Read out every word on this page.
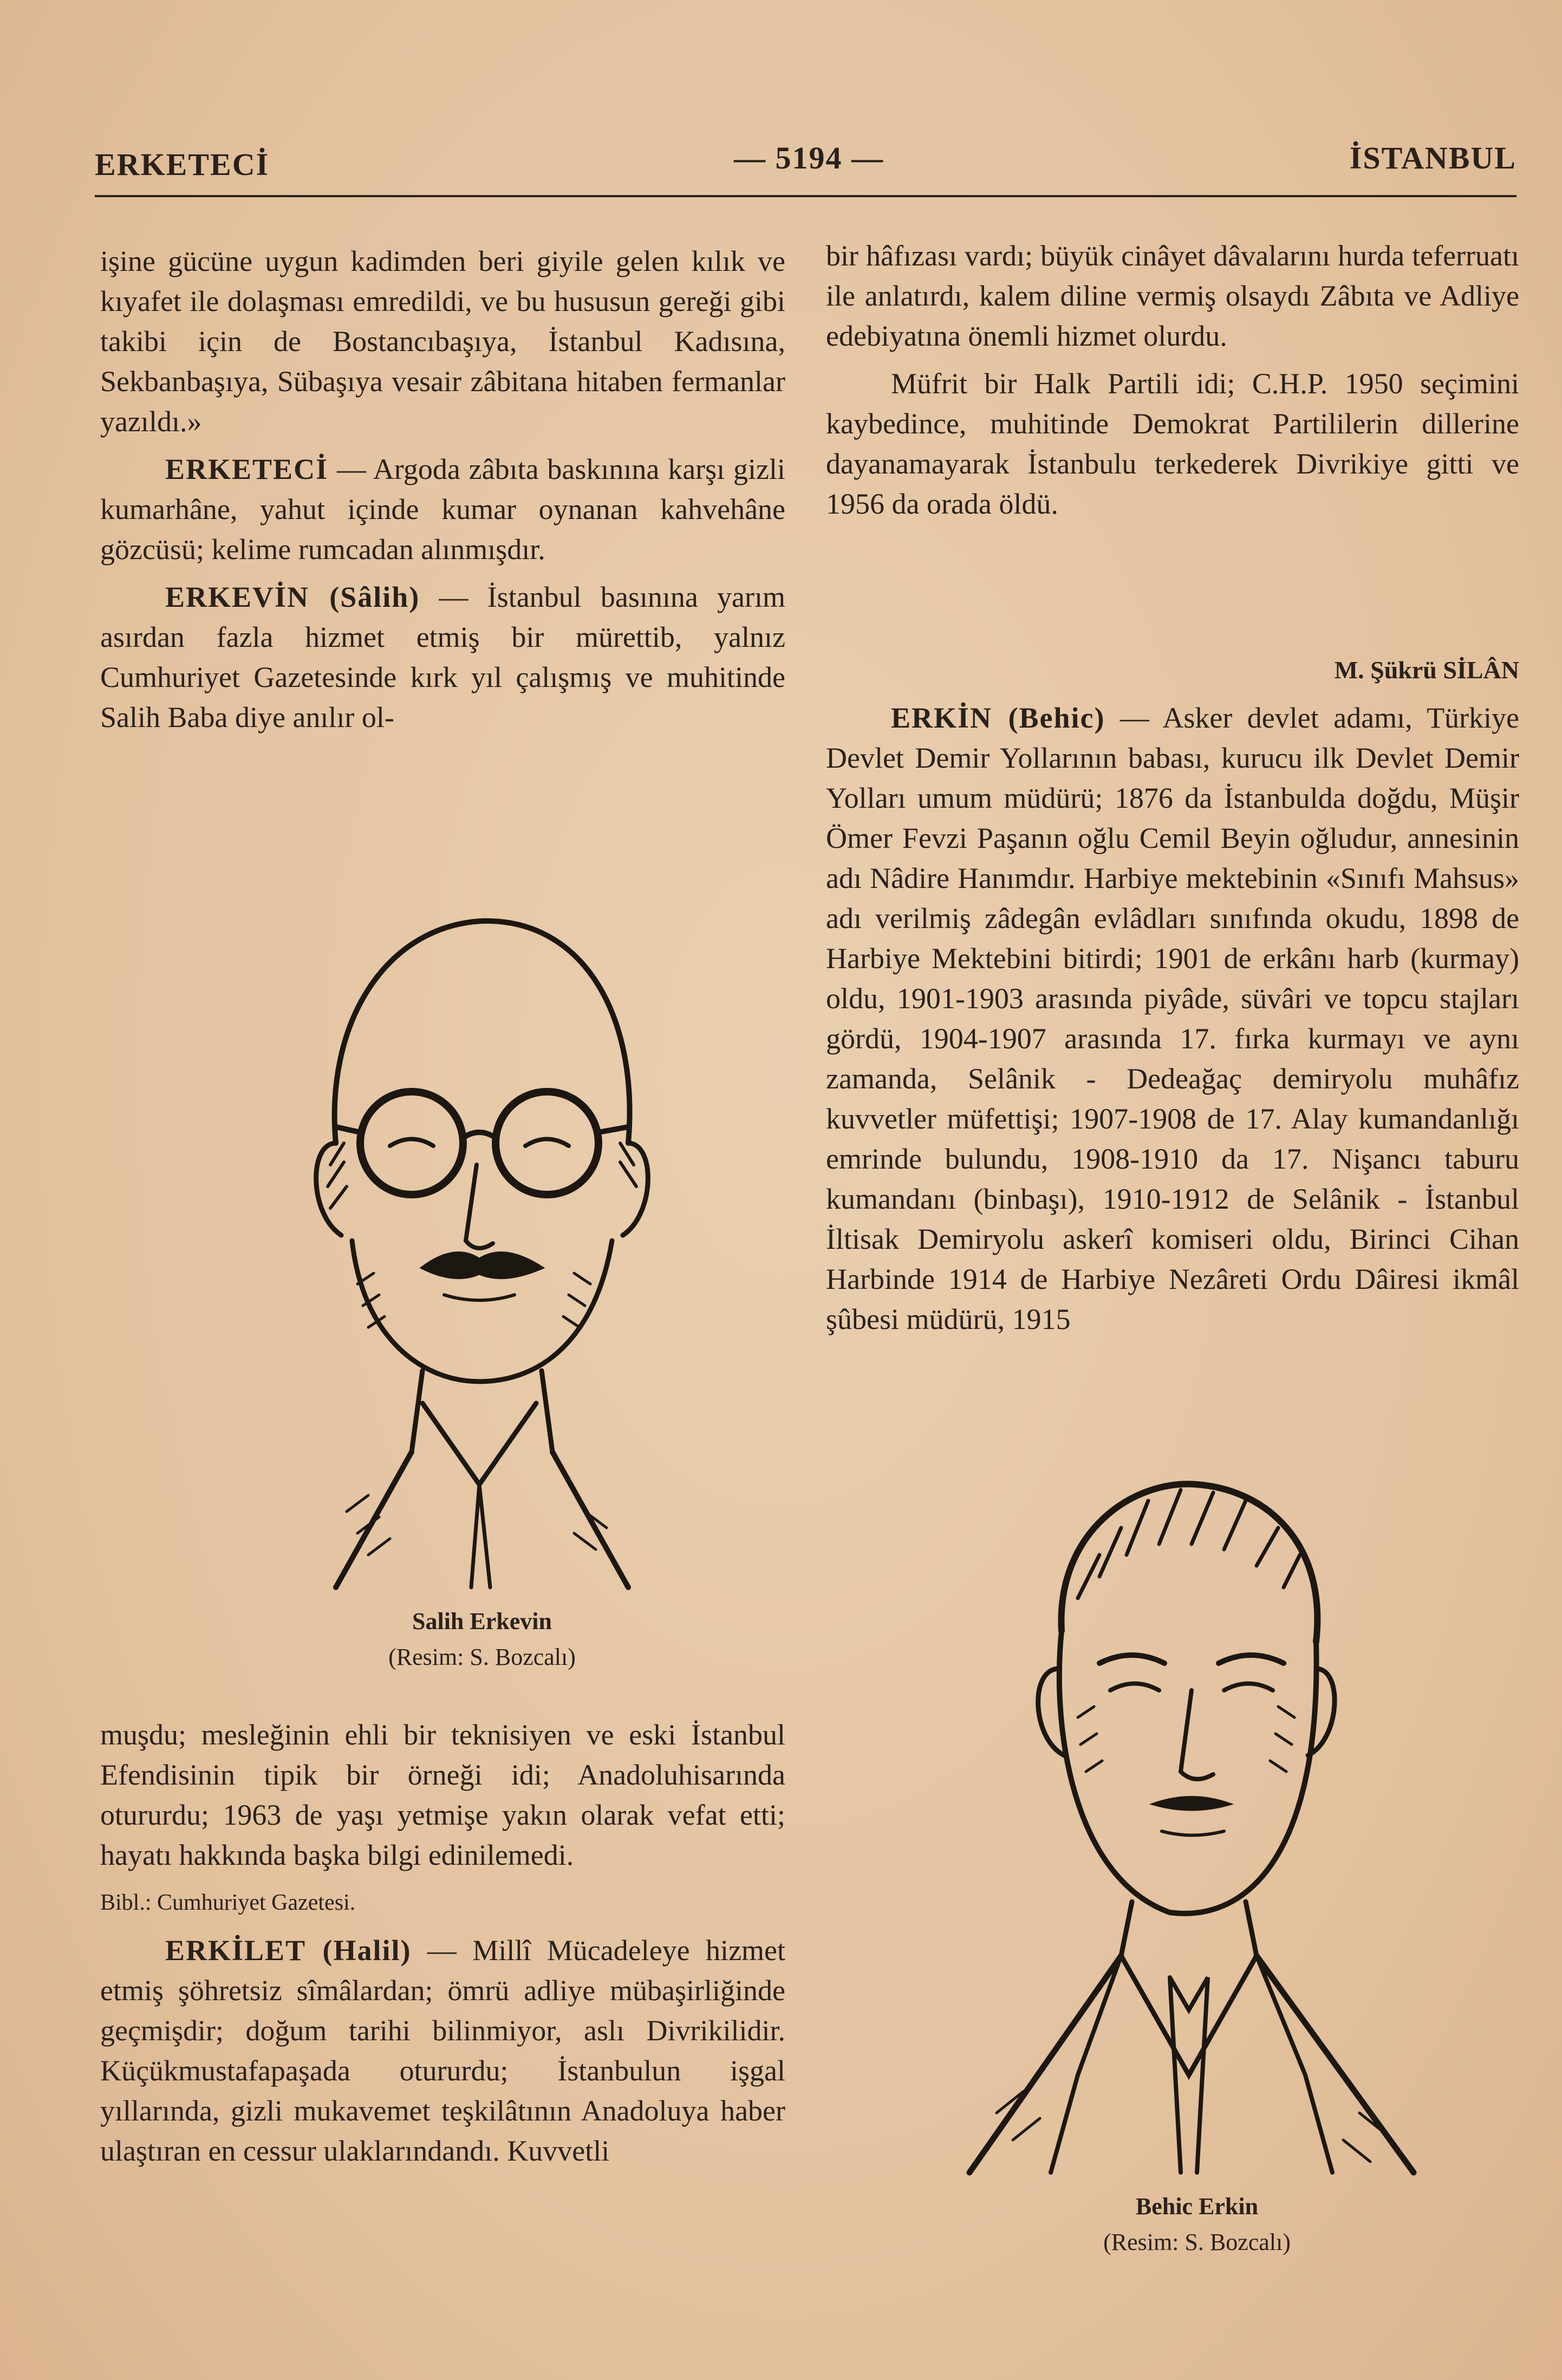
ERKETECİ	— 5194 —	İSTANBUL

işine gücüne uygun kadimden beri giyile gelen kılık ve kıyafet ile dolaşması emredildi, ve bu hususun gereği gibi takibi için de Bostancıbaşıya, İstanbul Kadısına, Sekbanbaşıya, Sübaşıya vesair zâbitana hitaben fermanlar yazıldı.»

ERKETECİ — Argoda zâbıta baskınına karşı gizli kumarhâne, yahut içinde kumar oynanan kahvehâne gözcüsü; kelime rumcadan alınmışdır.

ERKEVİN (Sâlih) — İstanbul basınına yarım asırdan fazla hizmet etmiş bir mürettib, yalnız Cumhuriyet Gazetesinde kırk yıl çalışmış ve muhitinde Salih Baba diye anılır ol-

Salih Erkevin
(Resim: S. Bozcalı)

muşdu; mesleğinin ehli bir teknisiyen ve eski İstanbul Efendisinin tipik bir örneği idi; Anadoluhisarında otururdu; 1963 de yaşı yetmişe yakın olarak vefat etti; hayatı hakkında başka bilgi edinilemedi.

Bibl.: Cumhuriyet Gazetesi.

ERKİLET (Halil) — Millî Mücadeleye hizmet etmiş şöhretsiz sîmâlardan; ömrü adliye mübaşirliğinde geçmişdir; doğum tarihi bilinmiyor, aslı Divrikilidir. Küçükmustafapaşada otururdu; İstanbulun işgal yıllarında, gizli mukavemet teşkilâtının Anadoluya haber ulaştıran en cessur ulaklarındandı. Kuvvetli

bir hâfızası vardı; büyük cinâyet dâvalarını hurda teferruatı ile anlatırdı, kalem diline vermiş olsaydı Zâbıta ve Adliye edebiyatına önemli hizmet olurdu.

Müfrit bir Halk Partili idi; C.H.P. 1950 seçimini kaybedince, muhitinde Demokrat Partililerin dillerine dayanamayarak İstanbulu terkederek Divrikiye gitti ve 1956 da orada öldü.

M. Şükrü SİLÂN

ERKİN (Behic) — Asker devlet adamı, Türkiye Devlet Demir Yollarının babası, kurucu ilk Devlet Demir Yolları umum müdürü; 1876 da İstanbulda doğdu, Müşir Ömer Fevzi Paşanın oğlu Cemil Beyin oğludur, annesinin adı Nâdire Hanımdır. Harbiye mektebinin «Sınıfı Mahsus» adı verilmiş zâdegân evlâdları sınıfında okudu, 1898 de Harbiye Mektebini bitirdi; 1901 de erkânı harb (kurmay) oldu, 1901-1903 arasında piyâde, süvâri ve topcu stajları gördü, 1904-1907 arasında 17. fırka kurmayı ve aynı zamanda, Selânik - Dedeağaç demiryolu muhâfız kuvvetler müfettişi; 1907-1908 de 17. Alay kumandanlığı emrinde bulundu, 1908-1910 da 17. Nişancı taburu kumandanı (binbaşı), 1910-1912 de Selânik - İstanbul İltisak Demiryolu askerî komiseri oldu, Birinci Cihan Harbinde 1914 de Harbiye Nezâreti Ordu Dâiresi ikmâl şûbesi müdürü, 1915

Behic Erkin
(Resim: S. Bozcalı)
